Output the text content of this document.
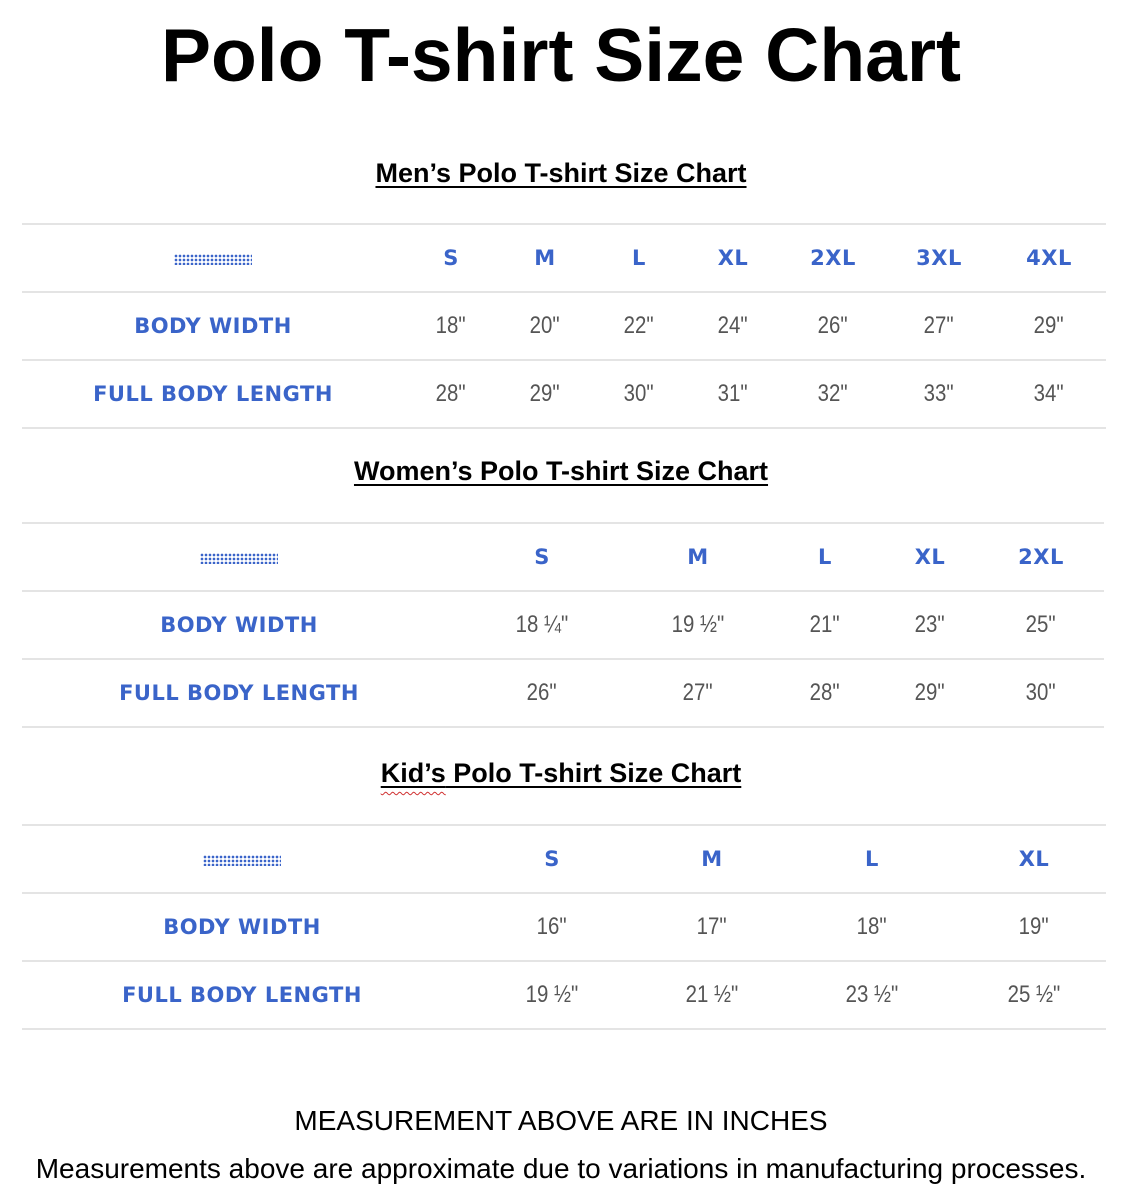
Polo T-shirt Size Chart
Men’s Polo T-shirt Size Chart
	S	M	L	XL	2XL	3XL	4XL
BODY WIDTH	18"	20"	22"	24"	26"	27"	29"
FULL BODY LENGTH	28"	29"	30"	31"	32"	33"	34"
Women’s Polo T-shirt Size Chart
	S	M	L	XL	2XL
BODY WIDTH	18 ¼"	19 ½"	21"	23"	25"
FULL BODY LENGTH	26"	27"	28"	29"	30"
Kid’s Polo T-shirt Size Chart
	S	M	L	XL
BODY WIDTH	16"	17"	18"	19"
FULL BODY LENGTH	19 ½"	21 ½"	23 ½"	25 ½"
MEASUREMENT ABOVE ARE IN INCHES
Measurements above are approximate due to variations in manufacturing processes.
